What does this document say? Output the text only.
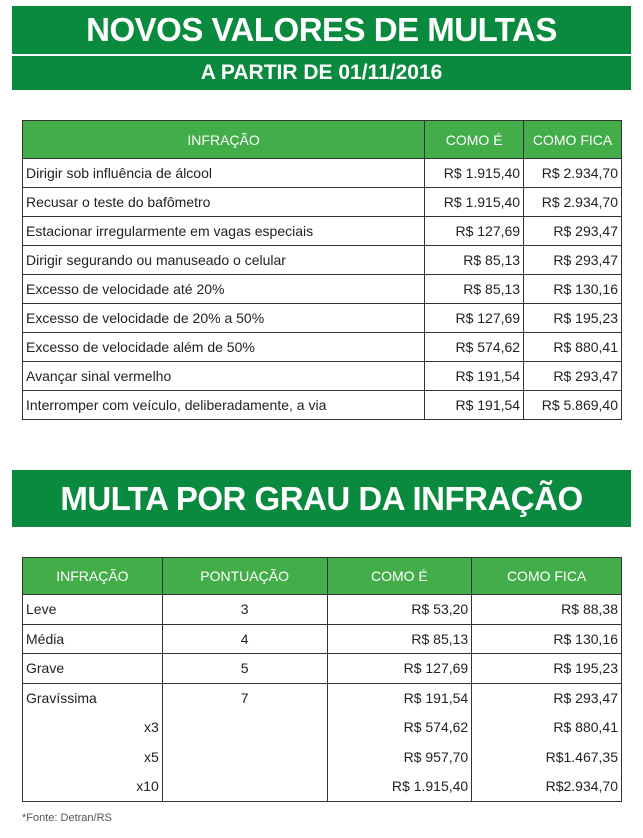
NOVOS VALORES DE MULTAS
A PARTIR DE 01/11/2016
INFRAÇÃO	COMO É	COMO FICA
Dirigir sob influência de álcool	R$ 1.915,40	R$ 2.934,70
Recusar o teste do bafômetro	R$ 1.915,40	R$ 2.934,70
Estacionar irregularmente em vagas especiais	R$ 127,69	R$ 293,47
Dirigir segurando ou manuseado o celular	R$ 85,13	R$ 293,47
Excesso de velocidade até 20%	R$ 85,13	R$ 130,16
Excesso de velocidade de 20% a 50%	R$ 127,69	R$ 195,23
Excesso de velocidade além de 50%	R$ 574,62	R$ 880,41
Avançar sinal vermelho	R$ 191,54	R$ 293,47
Interromper com veículo, deliberadamente, a via	R$ 191,54	R$ 5.869,40
MULTA POR GRAU DA INFRAÇÃO
INFRAÇÃO	PONTUAÇÃO	COMO É	COMO FICA
Leve	3	R$ 53,20	R$ 88,38
Média	4	R$ 85,13	R$ 130,16
Grave	5	R$ 127,69	R$ 195,23
Gravíssima	7	R$ 191,54	R$ 293,47
x3		R$ 574,62	R$ 880,41
x5		R$ 957,70	R$1.467,35
x10		R$ 1.915,40	R$2.934,70
*Fonte: Detran/RS
